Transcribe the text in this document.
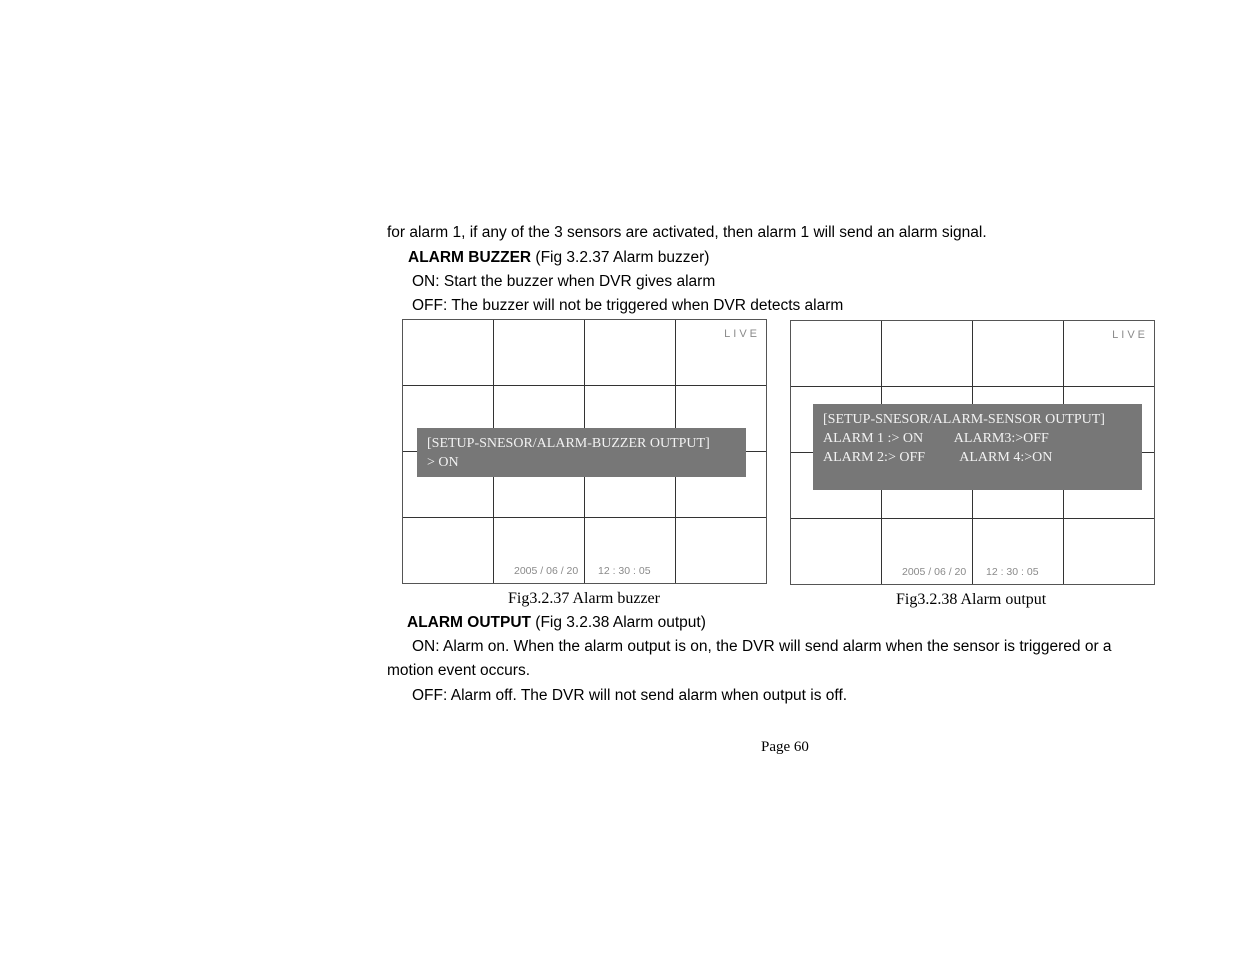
for alarm 1, if any of the 3 sensors are activated, then alarm 1 will send an alarm signal.
ALARM BUZZER (Fig 3.2.37 Alarm buzzer)
ON: Start the buzzer when DVR gives alarm
OFF: The buzzer will not be triggered when DVR detects alarm
LIVE
[SETUP-SNESOR/ALARM-BUZZER OUTPUT]
> ON
2005 / 06 / 20 12 : 30 : 05
Fig3.2.37 Alarm buzzer
LIVE
[SETUP-SNESOR/ALARM-SENSOR OUTPUT]
ALARM 1 :> ON         ALARM3:>OFF
ALARM 2:> OFF          ALARM 4:>ON
2005 / 06 / 20 12 : 30 : 05
Fig3.2.38 Alarm output
ALARM OUTPUT (Fig 3.2.38 Alarm output)
ON: Alarm on. When the alarm output is on, the DVR will send alarm when the sensor is triggered or a
motion event occurs.
OFF: Alarm off. The DVR will not send alarm when output is off.
Page 60
